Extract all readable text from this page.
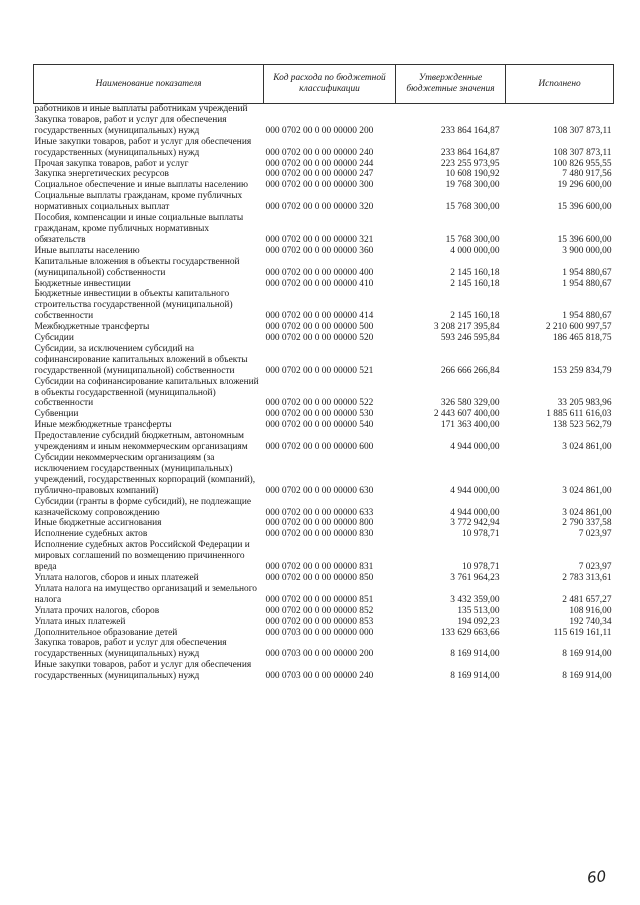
Наименование показателя	Код расхода по бюджетной классификации	Утвержденные бюджетные значения	Исполнено
работников и иные выплаты работникам учреждений			
Закупка товаров, работ и услуг для обеспечения государственных (муниципальных) нужд	000 0702 00 0 00 00000 200	233 864 164,87	108 307 873,11
Иные закупки товаров, работ и услуг для обеспечения государственных (муниципальных) нужд	000 0702 00 0 00 00000 240	233 864 164,87	108 307 873,11
Прочая закупка товаров, работ и услуг	000 0702 00 0 00 00000 244	223 255 973,95	100 826 955,55
Закупка энергетических ресурсов	000 0702 00 0 00 00000 247	10 608 190,92	7 480 917,56
Социальное обеспечение и иные выплаты населению	000 0702 00 0 00 00000 300	19 768 300,00	19 296 600,00
Социальные выплаты гражданам, кроме публичных нормативных социальных выплат	000 0702 00 0 00 00000 320	15 768 300,00	15 396 600,00
Пособия, компенсации и иные социальные выплаты гражданам, кроме публичных нормативных обязательств	000 0702 00 0 00 00000 321	15 768 300,00	15 396 600,00
Иные выплаты населению	000 0702 00 0 00 00000 360	4 000 000,00	3 900 000,00
Капитальные вложения в объекты государственной (муниципальной) собственности	000 0702 00 0 00 00000 400	2 145 160,18	1 954 880,67
Бюджетные инвестиции	000 0702 00 0 00 00000 410	2 145 160,18	1 954 880,67
Бюджетные инвестиции в объекты капитального строительства государственной (муниципальной) собственности	000 0702 00 0 00 00000 414	2 145 160,18	1 954 880,67
Межбюджетные трансферты	000 0702 00 0 00 00000 500	3 208 217 395,84	2 210 600 997,57
Субсидии	000 0702 00 0 00 00000 520	593 246 595,84	186 465 818,75
Субсидии, за исключением субсидий на софинансирование капитальных вложений в объекты государственной (муниципальной) собственности	000 0702 00 0 00 00000 521	266 666 266,84	153 259 834,79
Субсидии на софинансирование капитальных вложений в объекты государственной (муниципальной) собственности	000 0702 00 0 00 00000 522	326 580 329,00	33 205 983,96
Субвенции	000 0702 00 0 00 00000 530	2 443 607 400,00	1 885 611 616,03
Иные межбюджетные трансферты	000 0702 00 0 00 00000 540	171 363 400,00	138 523 562,79
Предоставление субсидий бюджетным, автономным учреждениям и иным некоммерческим организациям	000 0702 00 0 00 00000 600	4 944 000,00	3 024 861,00
Субсидии некоммерческим организациям (за исключением государственных (муниципальных) учреждений, государственных корпораций (компаний), публично-правовых компаний)	000 0702 00 0 00 00000 630	4 944 000,00	3 024 861,00
Субсидии (гранты в форме субсидий), не подлежащие казначейскому сопровождению	000 0702 00 0 00 00000 633	4 944 000,00	3 024 861,00
Иные бюджетные ассигнования	000 0702 00 0 00 00000 800	3 772 942,94	2 790 337,58
Исполнение судебных актов	000 0702 00 0 00 00000 830	10 978,71	7 023,97
Исполнение судебных актов Российской Федерации и мировых соглашений по возмещению причиненного вреда	000 0702 00 0 00 00000 831	10 978,71	7 023,97
Уплата налогов, сборов и иных платежей	000 0702 00 0 00 00000 850	3 761 964,23	2 783 313,61
Уплата налога на имущество организаций и земельного налога	000 0702 00 0 00 00000 851	3 432 359,00	2 481 657,27
Уплата прочих налогов, сборов	000 0702 00 0 00 00000 852	135 513,00	108 916,00
Уплата иных платежей	000 0702 00 0 00 00000 853	194 092,23	192 740,34
Дополнительное образование детей	000 0703 00 0 00 00000 000	133 629 663,66	115 619 161,11
Закупка товаров, работ и услуг для обеспечения государственных (муниципальных) нужд	000 0703 00 0 00 00000 200	8 169 914,00	8 169 914,00
Иные закупки товаров, работ и услуг для обеспечения государственных (муниципальных) нужд	000 0703 00 0 00 00000 240	8 169 914,00	8 169 914,00
60
